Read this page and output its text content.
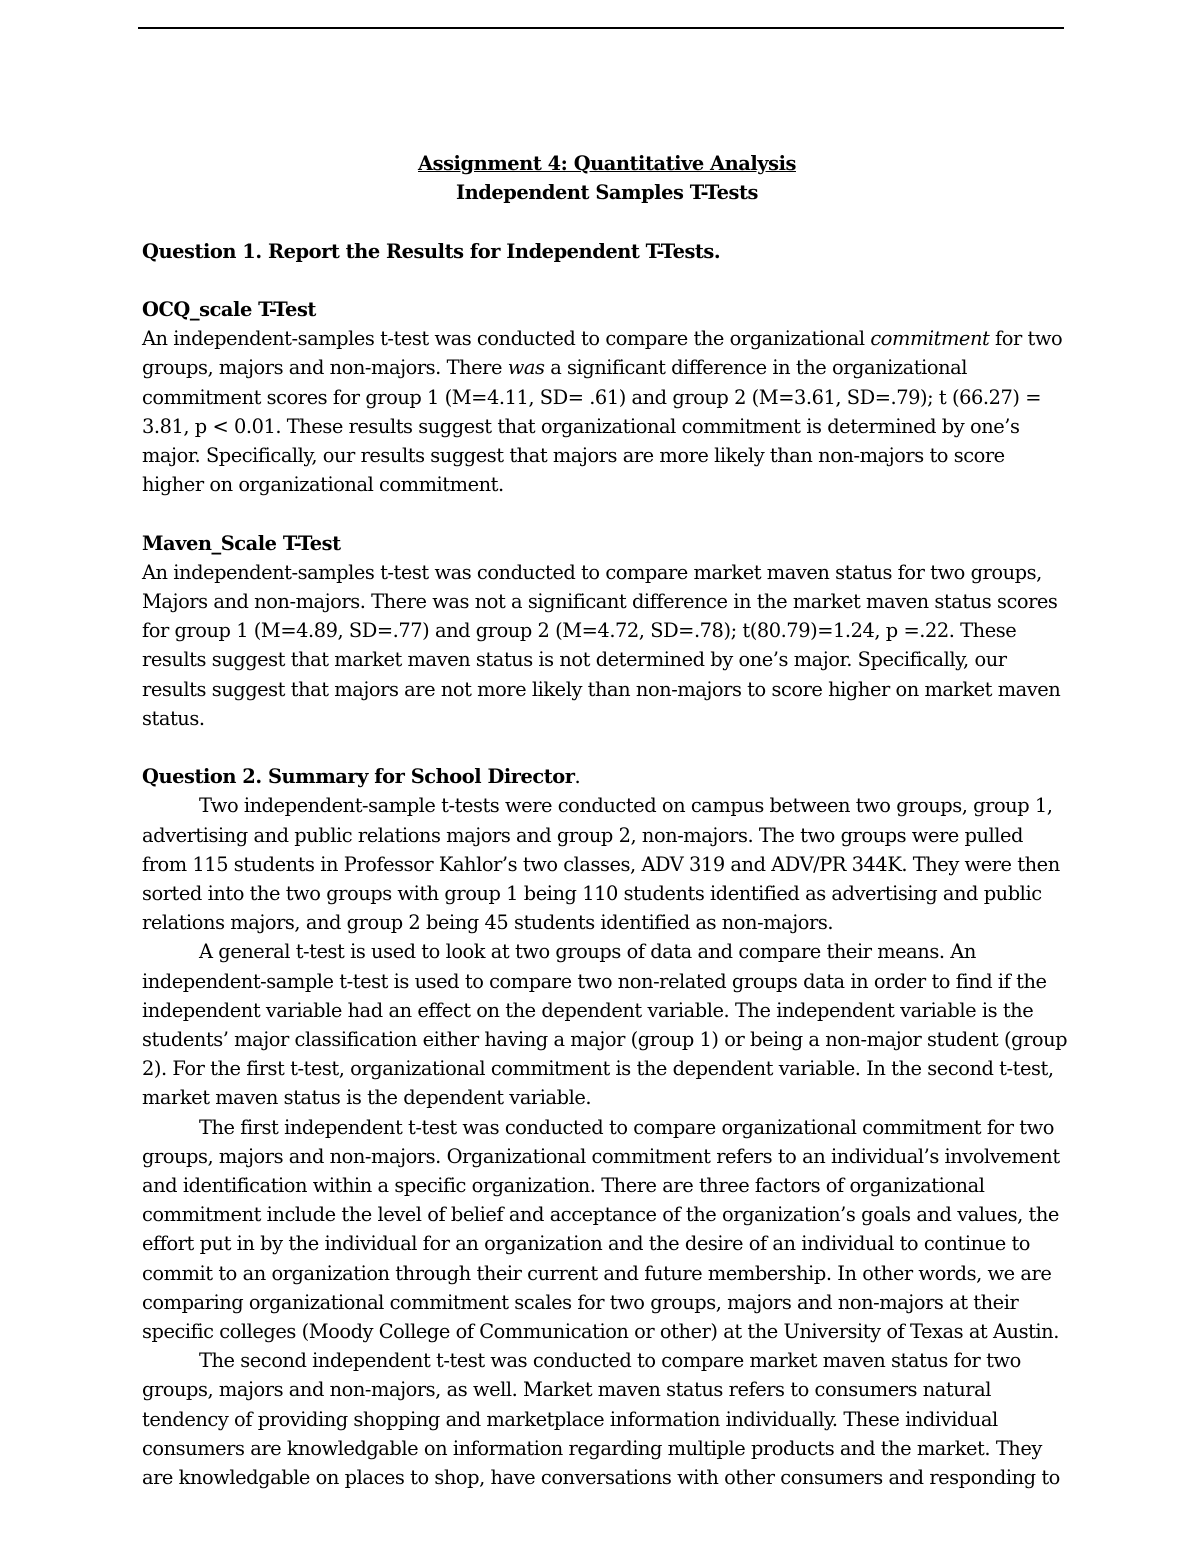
Assignment 4: Quantitative Analysis

Independent Samples T-Tests

Question 1. Report the Results for Independent T-Tests.

OCQ_scale T-Test

An independent-samples t-test was conducted to compare the organizational commitment for two groups, majors and non-majors. There was a significant difference in the organizational commitment scores for group 1 (M=4.11, SD= .61) and group 2 (M=3.61, SD=.79); t (66.27) = 3.81, p < 0.01. These results suggest that organizational commitment is determined by one’s major. Specifically, our results suggest that majors are more likely than non-majors to score higher on organizational commitment.

Maven_Scale T-Test

An independent-samples t-test was conducted to compare market maven status for two groups, Majors and non-majors. There was not a significant difference in the market maven status scores for group 1 (M=4.89, SD=.77) and group 2 (M=4.72, SD=.78); t(80.79)=1.24, p =.22. These results suggest that market maven status is not determined by one’s major. Specifically, our results suggest that majors are not more likely than non-majors to score higher on market maven status.

Question 2. Summary for School Director.

Two independent-sample t-tests were conducted on campus between two groups, group 1, advertising and public relations majors and group 2, non-majors. The two groups were pulled from 115 students in Professor Kahlor’s two classes, ADV 319 and ADV/PR 344K. They were then sorted into the two groups with group 1 being 110 students identified as advertising and public relations majors, and group 2 being 45 students identified as non-majors.

A general t-test is used to look at two groups of data and compare their means. An independent-sample t-test is used to compare two non-related groups data in order to find if the independent variable had an effect on the dependent variable. The independent variable is the students’ major classification either having a major (group 1) or being a non-major student (group 2). For the first t-test, organizational commitment is the dependent variable. In the second t-test, market maven status is the dependent variable.

The first independent t-test was conducted to compare organizational commitment for two groups, majors and non-majors. Organizational commitment refers to an individual’s involvement and identification within a specific organization. There are three factors of organizational commitment include the level of belief and acceptance of the organization’s goals and values, the effort put in by the individual for an organization and the desire of an individual to continue to commit to an organization through their current and future membership. In other words, we are comparing organizational commitment scales for two groups, majors and non-majors at their specific colleges (Moody College of Communication or other) at the University of Texas at Austin.

The second independent t-test was conducted to compare market maven status for two groups, majors and non-majors, as well. Market maven status refers to consumers natural tendency of providing shopping and marketplace information individually. These individual consumers are knowledgable on information regarding multiple products and the market. They are knowledgable on places to shop, have conversations with other consumers and responding to
